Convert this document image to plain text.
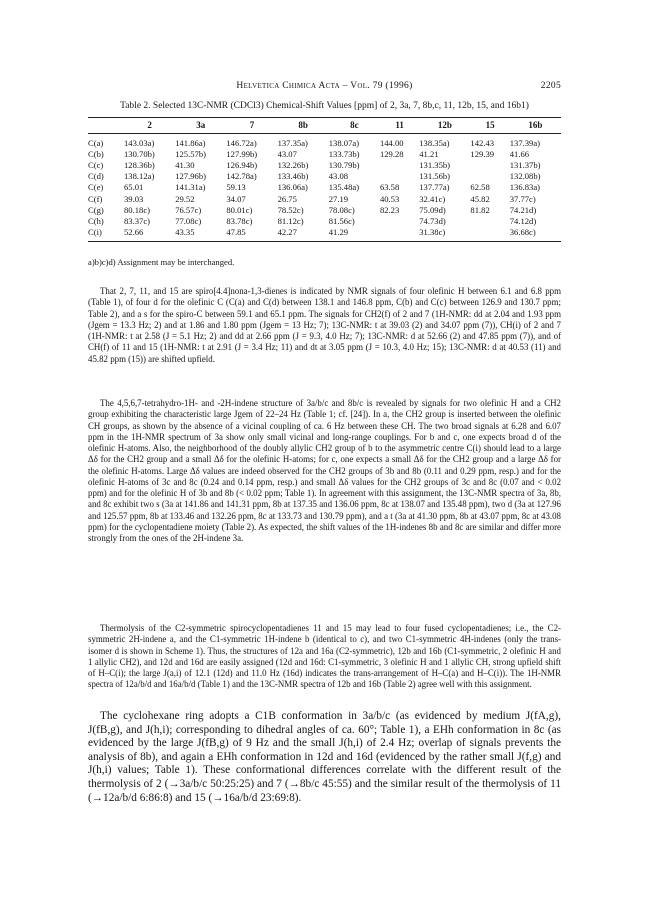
Helvetica Chimica Acta – Vol. 79 (1996)	2205
Table 2. Selected 13C-NMR (CDCl3) Chemical-Shift Values [ppm] of 2, 3a, 7, 8b,c, 11, 12b, 15, and 16b1)
	2	3a	7	8b	8c	11	12b	15	16b
C(a)	143.03a)	141.86a)	146.72a)	137.35a)	138.07a)	144.00	138.35a)	142.43	137.39a)
C(b)	130.70b)	125.57b)	127.99b)	43.07	133.73b)	129.28	41.21	129.39	41.66
C(c)	128.36b)	41.30	126.94b)	132.26b)	130.79b)		131.35b)		131.37b)
C(d)	138.12a)	127.96b)	142.78a)	133.46b)	43.08		131.56b)		132.08b)
C(e)	65.01	141.31a)	59.13	136.06a)	135.48a)	63.58	137.77a)	62.58	136.83a)
C(f)	39.03	29.52	34.07	26.75	27.19	40.53	32.41c)	45.82	37.77c)
C(g)	80.18c)	76.57c)	80.01c)	78.52c)	78.08c)	82.23	75.09d)	81.82	74.21d)
C(h)	83.37c)	77.08c)	83.78c)	81.12c)	81.56c)		74.73d)		74.12d)
C(i)	52.66	43.35	47.85	42.27	41.29		31.38c)		36.68c)
a)b)c)d) Assignment may be interchanged.

That 2, 7, 11, and 15 are spiro[4.4]nona-1,3-dienes is indicated by NMR signals of four olefinic H between 6.1 and 6.8 ppm (Table 1), of four d for the olefinic C (C(a) and C(d) between 138.1 and 146.8 ppm, C(b) and C(c) between 126.9 and 130.7 ppm; Table 2), and a s for the spiro-C between 59.1 and 65.1 ppm. The signals for CH2(f) of 2 and 7 (1H-NMR: dd at 2.04 and 1.93 ppm (Jgem = 13.3 Hz; 2) and at 1.86 and 1.80 ppm (Jgem = 13 Hz; 7); 13C-NMR: t at 39.03 (2) and 34.07 ppm (7)), CH(i) of 2 and 7 (1H-NMR: t at 2.58 (J = 5.1 Hz; 2) and dd at 2.66 ppm (J = 9.3, 4.0 Hz; 7); 13C-NMR: d at 52.66 (2) and 47.85 ppm (7)), and of CH(f) of 11 and 15 (1H-NMR: t at 2.91 (J = 3.4 Hz; 11) and dt at 3.05 ppm (J = 10.3, 4.0 Hz; 15); 13C-NMR: d at 40.53 (11) and 45.82 ppm (15)) are shifted upfield.

The 4,5,6,7-tetrahydro-1H- and -2H-indene structure of 3a/b/c and 8b/c is revealed by signals for two olefinic H and a CH2 group exhibiting the characteristic large Jgem of 22–24 Hz (Table 1; cf. [24]). In a, the CH2 group is inserted between the olefinic CH groups, as shown by the absence of a vicinal coupling of ca. 6 Hz between these CH. The two broad signals at 6.28 and 6.07 ppm in the 1H-NMR spectrum of 3a show only small vicinal and long-range couplings. For b and c, one expects broad d of the olefinic H-atoms. Also, the neighborhood of the doubly allylic CH2 group of b to the asymmetric centre C(i) should lead to a large Δδ for the CH2 group and a small Δδ for the olefinic H-atoms; for c, one expects a small Δδ for the CH2 group and a large Δδ for the olefinic H-atoms. Large Δδ values are indeed observed for the CH2 groups of 3b and 8b (0.11 and 0.29 ppm, resp.) and for the olefinic H-atoms of 3c and 8c (0.24 and 0.14 ppm, resp.) and small Δδ values for the CH2 groups of 3c and 8c (0.07 and < 0.02 ppm) and for the olefinic H of 3b and 8b (< 0.02 ppm; Table 1). In agreement with this assignment, the 13C-NMR spectra of 3a, 8b, and 8c exhibit two s (3a at 141.86 and 141.31 ppm, 8b at 137.35 and 136.06 ppm, 8c at 138.07 and 135.48 ppm), two d (3a at 127.96 and 125.57 ppm, 8b at 133.46 and 132.26 ppm, 8c at 133.73 and 130.79 ppm), and a t (3a at 41.30 ppm, 8b at 43.07 ppm, 8c at 43.08 ppm) for the cyclopentadiene moiety (Table 2). As expected, the shift values of the 1H-indenes 8b and 8c are similar and differ more strongly from the ones of the 2H-indene 3a.

Thermolysis of the C2-symmetric spirocyclopentadienes 11 and 15 may lead to four fused cyclopentadienes; i.e., the C2-symmetric 2H-indene a, and the C1-symmetric 1H-indene b (identical to c), and two C1-symmetric 4H-indenes (only the trans-isomer d is shown in Scheme 1). Thus, the structures of 12a and 16a (C2-symmetric), 12b and 16b (C1-symmetric, 2 olefinic H and 1 allylic CH2), and 12d and 16d are easily assigned (12d and 16d: C1-symmetric, 3 olefinic H and 1 allylic CH, strong upfield shift of H–C(i); the large J(a,i) of 12.1 (12d) and 11.0 Hz (16d) indicates the trans-arrangement of H–C(a) and H–C(i)). The 1H-NMR spectra of 12a/b/d and 16a/b/d (Table 1) and the 13C-NMR spectra of 12b and 16b (Table 2) agree well with this assignment.

The cyclohexane ring adopts a C1B conformation in 3a/b/c (as evidenced by medium J(fA,g), J(fB,g), and J(h,i); corresponding to dihedral angles of ca. 60°; Table 1), a EHh conformation in 8c (as evidenced by the large J(fB,g) of 9 Hz and the small J(h,i) of 2.4 Hz; overlap of signals prevents the analysis of 8b), and again a EHh conformation in 12d and 16d (evidenced by the rather small J(f,g) and J(h,i) values; Table 1). These conformational differences correlate with the different result of the thermolysis of 2 (→3a/b/c 50:25:25) and 7 (→8b/c 45:55) and the similar result of the thermolysis of 11 (→12a/b/d 6:86:8) and 15 (→16a/b/d 23:69:8).
